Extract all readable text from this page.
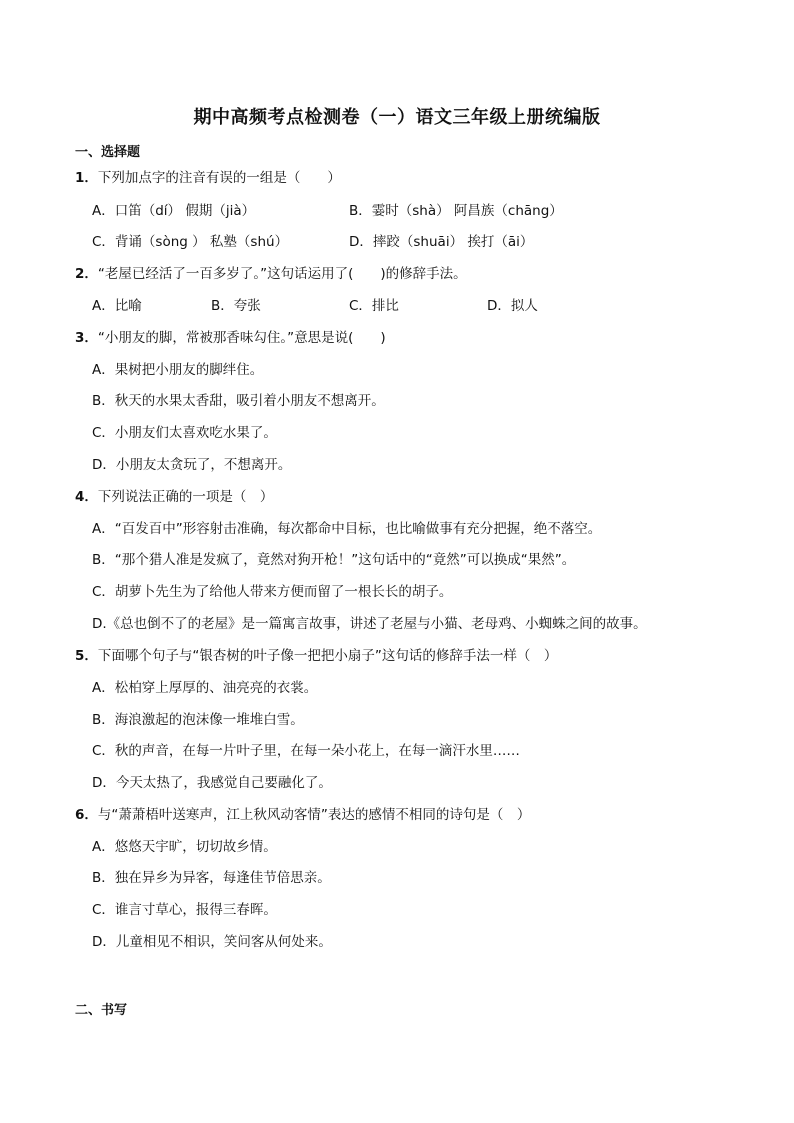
期中高频考点检测卷（一）语文三年级上册统编版
一、选择题
1．下列加点字的注音有误的一组是（　　）
A．口笛（dí） 假期（jià）	B．霎时（shà） 阿昌族（chāng）
C．背诵（sòng ） 私塾（shú）	D．摔跤（shuāi） 挨打（āi）
2．“老屋已经活了一百多岁了。”这句话运用了(　　)的修辞手法。
A．比喻	B．夸张	C．排比	D．拟人
3．“小朋友的脚，常被那香味勾住。”意思是说(　　)
A．果树把小朋友的脚绊住。
B．秋天的水果太香甜，吸引着小朋友不想离开。
C．小朋友们太喜欢吃水果了。
D．小朋友太贪玩了，不想离开。
4．下列说法正确的一项是（　）
A．“百发百中”形容射击准确，每次都命中目标，也比喻做事有充分把握，绝不落空。
B．“那个猎人准是发疯了，竟然对狗开枪！”这句话中的“竟然”可以换成“果然”。
C．胡萝卜先生为了给他人带来方便而留了一根长长的胡子。
D.《总也倒不了的老屋》是一篇寓言故事，讲述了老屋与小猫、老母鸡、小蜘蛛之间的故事。
5．下面哪个句子与“银杏树的叶子像一把把小扇子”这句话的修辞手法一样（　）
A．松柏穿上厚厚的、油亮亮的衣裳。
B．海浪激起的泡沫像一堆堆白雪。
C．秋的声音，在每一片叶子里，在每一朵小花上，在每一滴汗水里……
D．今天太热了，我感觉自己要融化了。
6．与“萧萧梧叶送寒声，江上秋风动客情”表达的感情不相同的诗句是（　）
A．悠悠天宇旷，切切故乡情。
B．独在异乡为异客，每逢佳节倍思亲。
C．谁言寸草心，报得三春晖。
D．儿童相见不相识，笑问客从何处来。
二、书写
